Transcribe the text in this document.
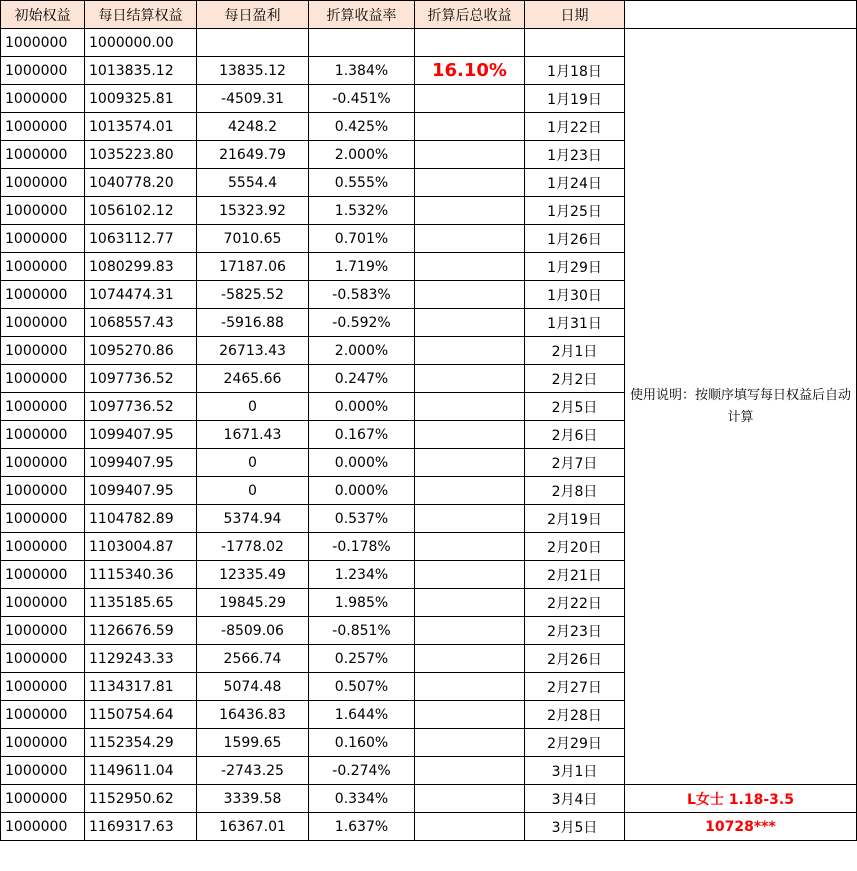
初始权益	每日结算权益	每日盈利	折算收益率	折算后总收益	日期	
1000000	1000000.00					使用说明：按顺序填写每日权益后自动计算
1000000	1013835.12	13835.12	1.384%	16.10%	1月18日	
1000000	1009325.81	-4509.31	-0.451%		1月19日	
1000000	1013574.01	4248.2	0.425%		1月22日	
1000000	1035223.80	21649.79	2.000%		1月23日	
1000000	1040778.20	5554.4	0.555%		1月24日	
1000000	1056102.12	15323.92	1.532%		1月25日	
1000000	1063112.77	7010.65	0.701%		1月26日	
1000000	1080299.83	17187.06	1.719%		1月29日	
1000000	1074474.31	-5825.52	-0.583%		1月30日	
1000000	1068557.43	-5916.88	-0.592%		1月31日	
1000000	1095270.86	26713.43	2.000%		2月1日	
1000000	1097736.52	2465.66	0.247%		2月2日	
1000000	1097736.52	0	0.000%		2月5日	
1000000	1099407.95	1671.43	0.167%		2月6日	
1000000	1099407.95	0	0.000%		2月7日	
1000000	1099407.95	0	0.000%		2月8日	
1000000	1104782.89	5374.94	0.537%		2月19日	
1000000	1103004.87	-1778.02	-0.178%		2月20日	
1000000	1115340.36	12335.49	1.234%		2月21日	
1000000	1135185.65	19845.29	1.985%		2月22日	
1000000	1126676.59	-8509.06	-0.851%		2月23日	
1000000	1129243.33	2566.74	0.257%		2月26日	
1000000	1134317.81	5074.48	0.507%		2月27日	
1000000	1150754.64	16436.83	1.644%		2月28日	
1000000	1152354.29	1599.65	0.160%		2月29日	
1000000	1149611.04	-2743.25	-0.274%		3月1日	
1000000	1152950.62	3339.58	0.334%		3月4日	L女士 1.18-3.5
1000000	1169317.63	16367.01	1.637%		3月5日	10728***
